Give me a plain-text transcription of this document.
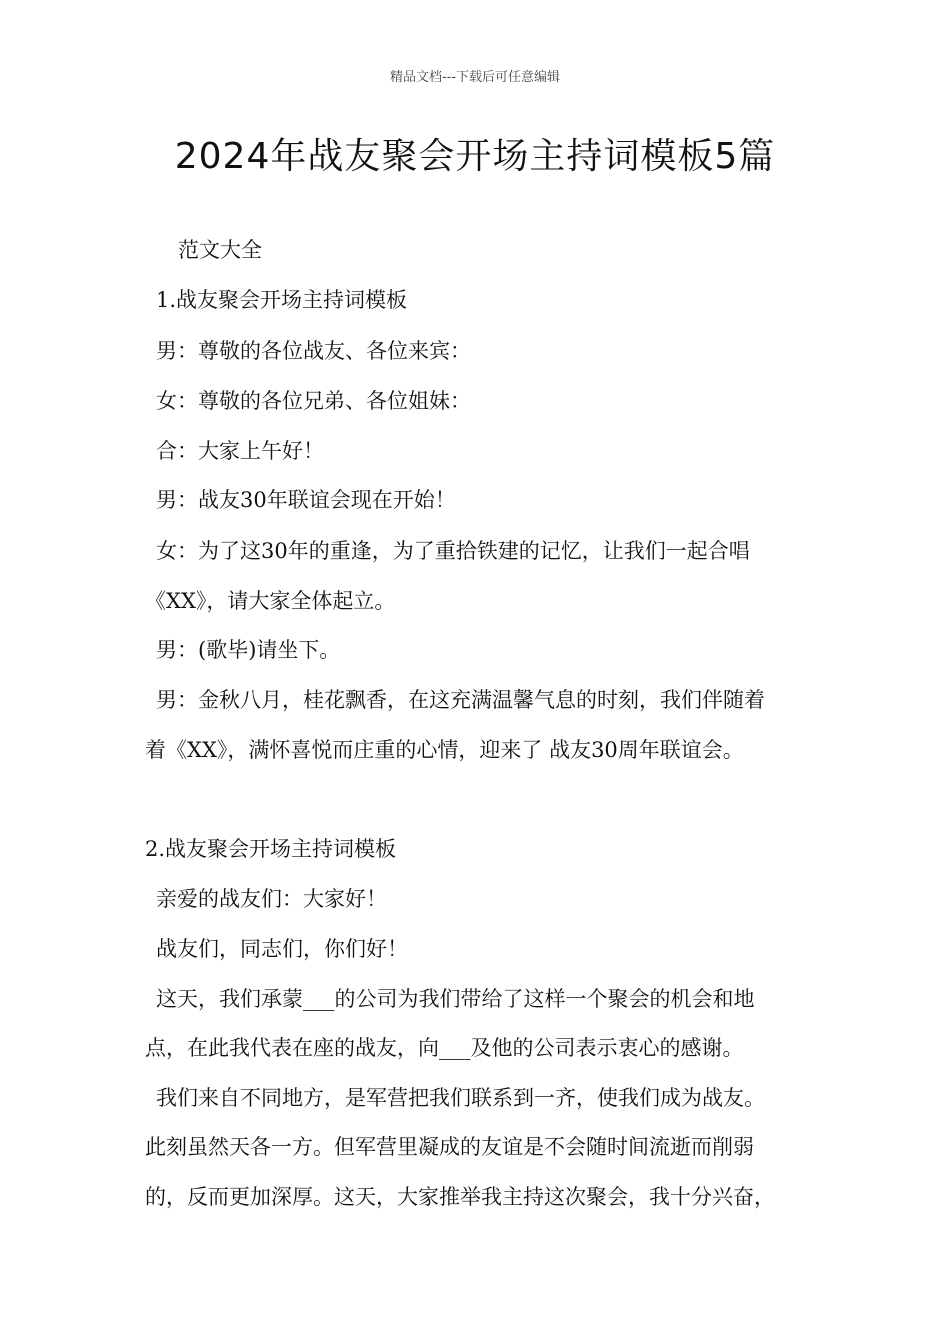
精品文档---下载后可任意编辑
2024年战友聚会开场主持词模板5篇
范文大全
1.战友聚会开场主持词模板
男：尊敬的各位战友、各位来宾：
女：尊敬的各位兄弟、各位姐妹：
合：大家上午好！
男：战友30年联谊会现在开始！
女：为了这30年的重逢，为了重拾铁建的记忆，让我们一起合唱
《XX》，请大家全体起立。
男：(歌毕)请坐下。
男：金秋八月，桂花飘香，在这充满温馨气息的时刻，我们伴随着
着《XX》，满怀喜悦而庄重的心情，迎来了 战友30周年联谊会。
2.战友聚会开场主持词模板
亲爱的战友们：大家好！
战友们，同志们，你们好！
这天，我们承蒙___的公司为我们带给了这样一个聚会的机会和地
点，在此我代表在座的战友，向___及他的公司表示衷心的感谢。
我们来自不同地方，是军营把我们联系到一齐，使我们成为战友。
此刻虽然天各一方。但军营里凝成的友谊是不会随时间流逝而削弱
的，反而更加深厚。这天，大家推举我主持这次聚会，我十分兴奋，
